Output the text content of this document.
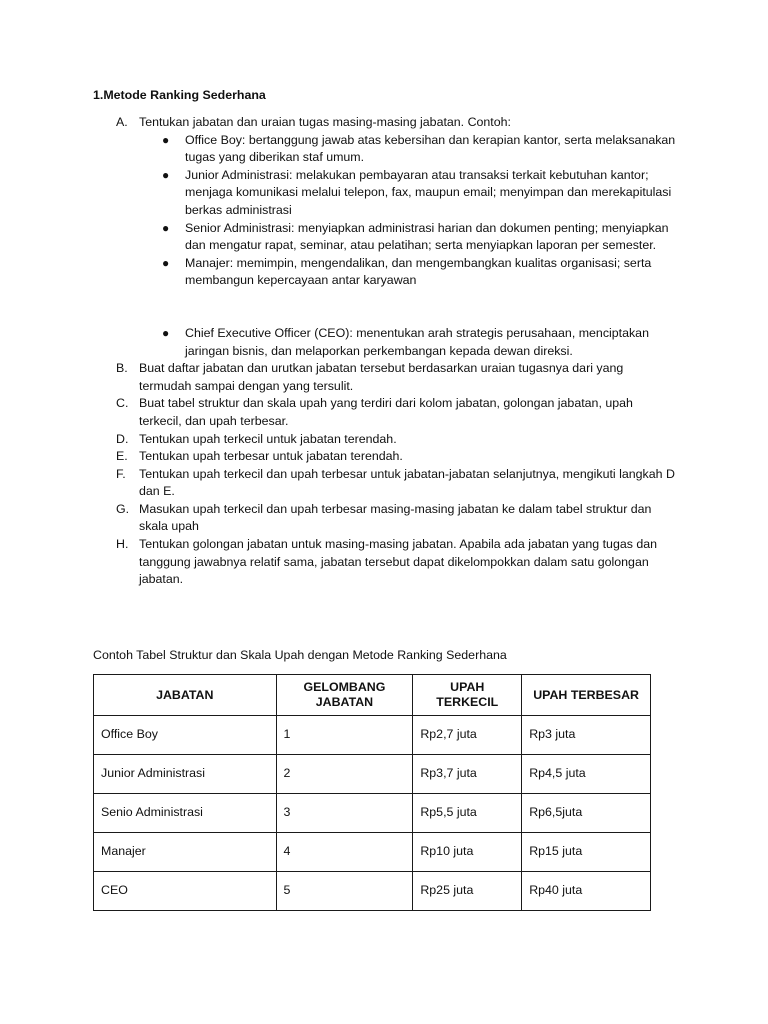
1.Metode Ranking Sederhana
A. Tentukan jabatan dan uraian tugas masing-masing jabatan. Contoh:
● Office Boy: bertanggung jawab atas kebersihan dan kerapian kantor, serta melaksanakan tugas yang diberikan staf umum.
● Junior Administrasi: melakukan pembayaran atau transaksi terkait kebutuhan kantor; menjaga komunikasi melalui telepon, fax, maupun email; menyimpan dan merekapitulasi berkas administrasi
● Senior Administrasi: menyiapkan administrasi harian dan dokumen penting; menyiapkan dan mengatur rapat, seminar, atau pelatihan; serta menyiapkan laporan per semester.
● Manajer: memimpin, mengendalikan, dan mengembangkan kualitas organisasi; serta membangun kepercayaan antar karyawan
● Chief Executive Officer (CEO): menentukan arah strategis perusahaan, menciptakan jaringan bisnis, dan melaporkan perkembangan kepada dewan direksi.
B. Buat daftar jabatan dan urutkan jabatan tersebut berdasarkan uraian tugasnya dari yang termudah sampai dengan yang tersulit.
C. Buat tabel struktur dan skala upah yang terdiri dari kolom jabatan, golongan jabatan, upah terkecil, dan upah terbesar.
D. Tentukan upah terkecil untuk jabatan terendah.
E. Tentukan upah terbesar untuk jabatan terendah.
F. Tentukan upah terkecil dan upah terbesar untuk jabatan-jabatan selanjutnya, mengikuti langkah D dan E.
G. Masukan upah terkecil dan upah terbesar masing-masing jabatan ke dalam tabel struktur dan skala upah
H. Tentukan golongan jabatan untuk masing-masing jabatan. Apabila ada jabatan yang tugas dan tanggung jawabnya relatif sama, jabatan tersebut dapat dikelompokkan dalam satu golongan jabatan.

Contoh Tabel Struktur dan Skala Upah dengan Metode Ranking Sederhana

JABATAN	GELOMBANG JABATAN	UPAH TERKECIL	UPAH TERBESAR
Office Boy	1	Rp2,7 juta	Rp3 juta
Junior Administrasi	2	Rp3,7 juta	Rp4,5 juta
Senio Administrasi	3	Rp5,5 juta	Rp6,5juta
Manajer	4	Rp10 juta	Rp15 juta
CEO	5	Rp25 juta	Rp40 juta
